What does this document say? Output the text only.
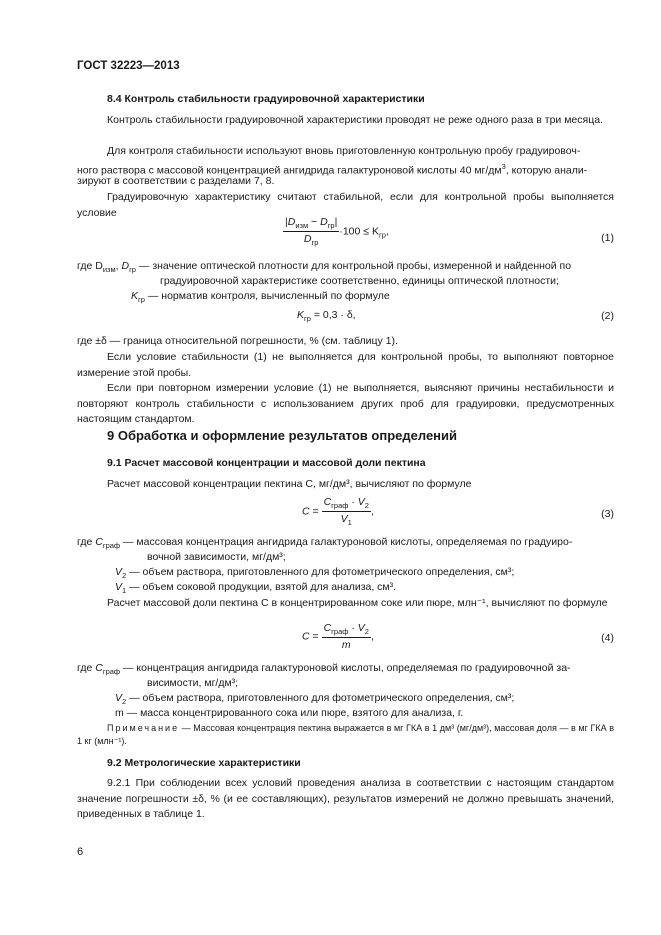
ГОСТ 32223—2013
8.4 Контроль стабильности градуировочной характеристики
Контроль стабильности градуировочной характеристики проводят не реже одного раза в три месяца.
Для контроля стабильности используют вновь приготовленную контрольную пробу градуировоч-
ного раствора с массовой концентрацией ангидрида галактуроновой кислоты 40 $мг/дм^3$, которую анали-
зируют в соответствии с разделами 7, 8.
Градуировочную характеристику считают стабильной, если для контрольной пробы выполняется условие
$\frac{|D_{изм} - D_{гр}|}{D_{гр}} \cdot 100 \le K_{гр}$,
(1)
где $D_{изм}$, $D_{гр}$ — значение оптической плотности для контрольной пробы, измеренной и найденной по
градуировочной характеристике соответственно, единицы оптической плотности;
$K_{гр}$ — норматив контроля, вычисленный по формуле
$K_{гр} = 0,3 \cdot \delta$,	(2)
где ±δ — граница относительной погрешности, % (см. таблицу 1).
Если условие стабильности (1) не выполняется для контрольной пробы, то выполняют повторное измерение этой пробы.
Если при повторном измерении условие (1) не выполняется, выясняют причины нестабильности и повторяют контроль стабильности с использованием других проб для градуировки, предусмотренных настоящим стандартом.
9 Обработка и оформление результатов определений
9.1 Расчет массовой концентрации и массовой доли пектина
Расчет массовой концентрации пектина C, мг/дм³, вычисляют по формуле
$C = \frac{C_{граф} \cdot V_2}{V_1}$ ,	(3)
где $C_{граф}$ — массовая концентрация ангидрида галактуроновой кислоты, определяемая по градуиро-
вочной зависимости, мг/дм³;
$V_2$ — объем раствора, приготовленного для фотометрического определения, см³;
$V_1$ — объем соковой продукции, взятой для анализа, см³.
Расчет массовой доли пектина C в концентрированном соке или пюре, млн⁻¹, вычисляют по формуле
$C = \frac{C_{граф} \cdot V_2}{m}$ ,	(4)
где $C_{граф}$ — концентрация ангидрида галактуроновой кислоты, определяемая по градуировочной за-
висимости, мг/дм³;
$V_2$ — объем раствора, приготовленного для фотометрического определения, см³;
m — масса концентрированного сока или пюре, взятого для анализа, г.
Примечание — Массовая концентрация пектина выражается в мг ГКА в 1 дм³ (мг/дм³), массовая доля — в мг ГКА в 1 кг (млн⁻¹).
9.2 Метрологические характеристики
9.2.1 При соблюдении всех условий проведения анализа в соответствии с настоящим стандартом значение погрешности ±δ, % (и ее составляющих), результатов измерений не должно превышать значений, приведенных в таблице 1.
6
